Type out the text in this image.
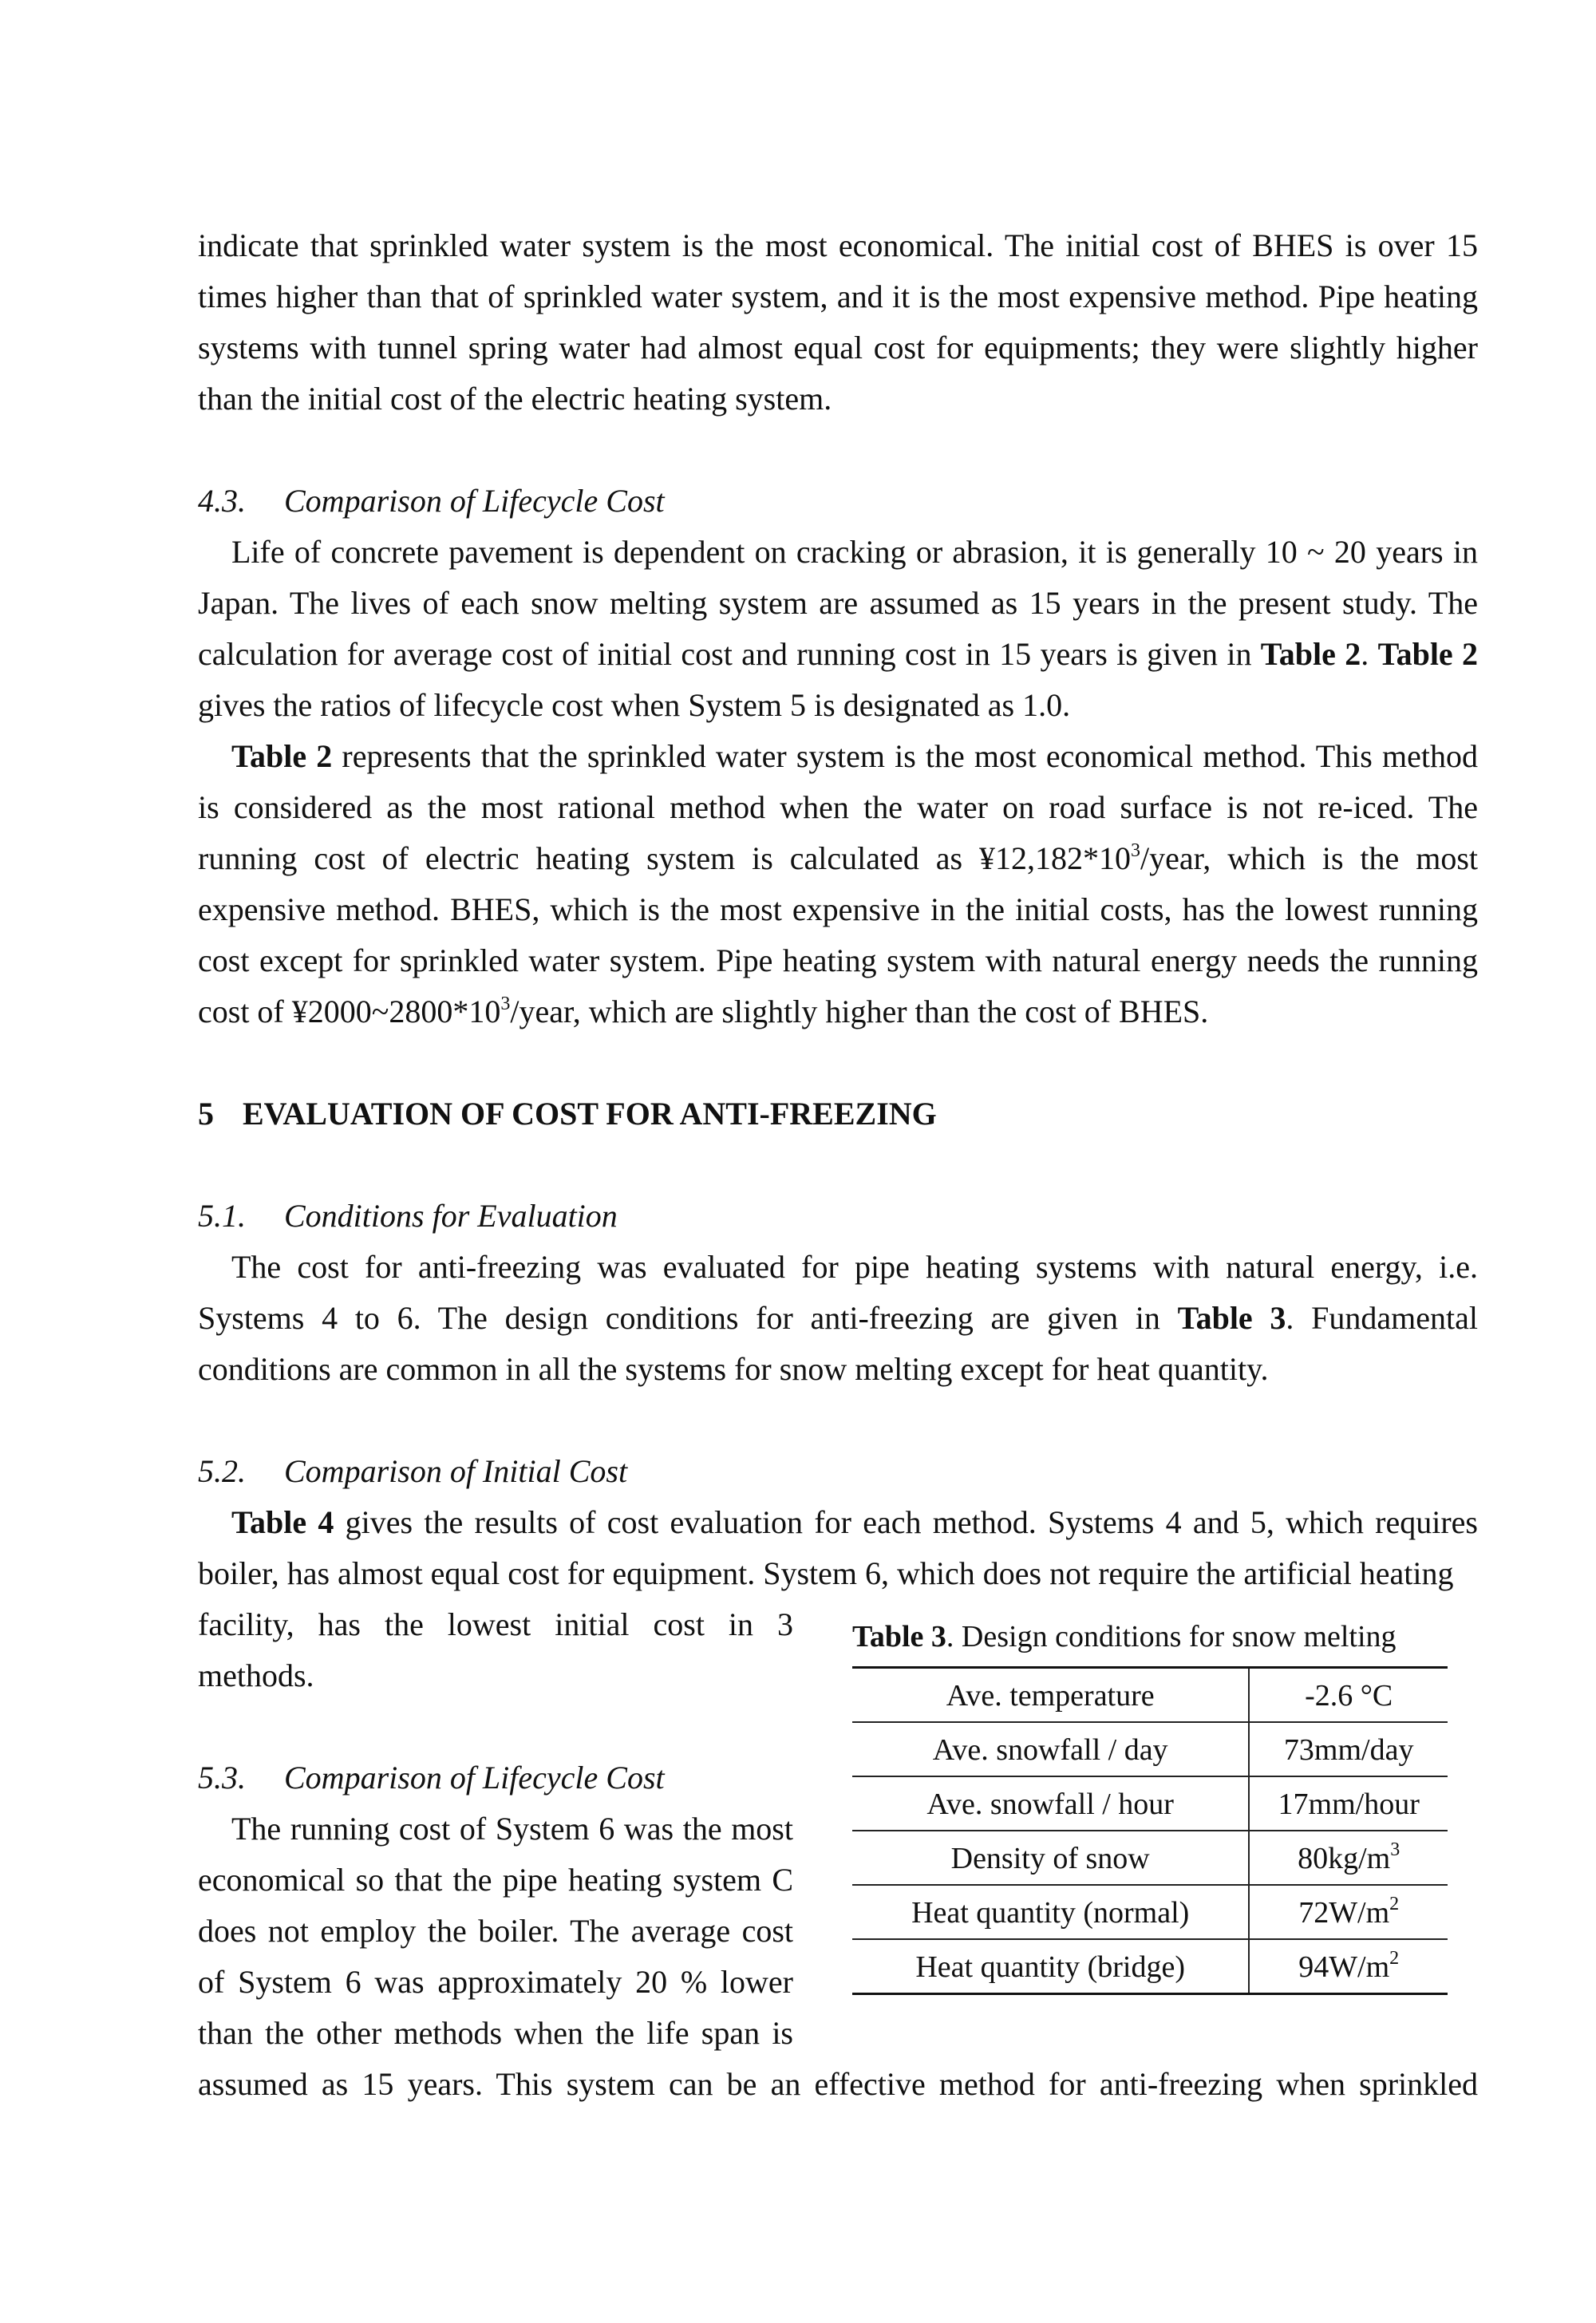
indicate that sprinkled water system is the most economical. The initial cost of BHES is over 15

times higher than that of sprinkled water system, and it is the most expensive method. Pipe heating

systems with tunnel spring water had almost equal cost for equipments; they were slightly higher

than the initial cost of the electric heating system.

4.3. Comparison of Lifecycle Cost

Life of concrete pavement is dependent on cracking or abrasion, it is generally 10 ~ 20 years in Japan. The lives of each snow melting system are assumed as 15 years in the present study. The calculation for average cost of initial cost and running cost in 15 years is given in Table 2. Table 2 gives the ratios of lifecycle cost when System 5 is designated as 1.0.

Table 2 represents that the sprinkled water system is the most economical method. This method is considered as the most rational method when the water on road surface is not re-iced. The running cost of electric heating system is calculated as $¥12,182*10^3$/year, which is the most expensive method. BHES, which is the most expensive in the initial costs, has the lowest running cost except for sprinkled water system. Pipe heating system with natural energy needs the running cost of $¥2000\sim 2800*10^3$/year, which are slightly higher than the cost of BHES.

5 EVALUATION OF COST FOR ANTI-FREEZING

5.1. Conditions for Evaluation

The cost for anti-freezing was evaluated for pipe heating systems with natural energy, i.e. Systems 4 to 6. The design conditions for anti-freezing are given in Table 3. Fundamental conditions are common in all the systems for snow melting except for heat quantity.

5.2. Comparison of Initial Cost

Table 4 gives the results of cost evaluation for each method. Systems 4 and 5, which requires boiler, has almost equal cost for equipment. System 6, which does not require the artificial heating

facility, has the lowest initial cost in 3

methods.

5.3. Comparison of Lifecycle Cost

The running cost of System 6 was the most

economical so that the pipe heating system C

does not employ the boiler. The average cost

of System 6 was approximately 20 % lower

than the other methods when the life span is

assumed as 15 years. This system can be an effective method for anti-freezing when sprinkled

Table 3. Design conditions for snow melting
Ave. temperature	-2.6 °C
Ave. snowfall / day	73mm/day
Ave. snowfall / hour	17mm/hour
Density of snow	$80kg/m^3$
Heat quantity (normal)	$72W/m^2$
Heat quantity (bridge)	$94W/m^2$
